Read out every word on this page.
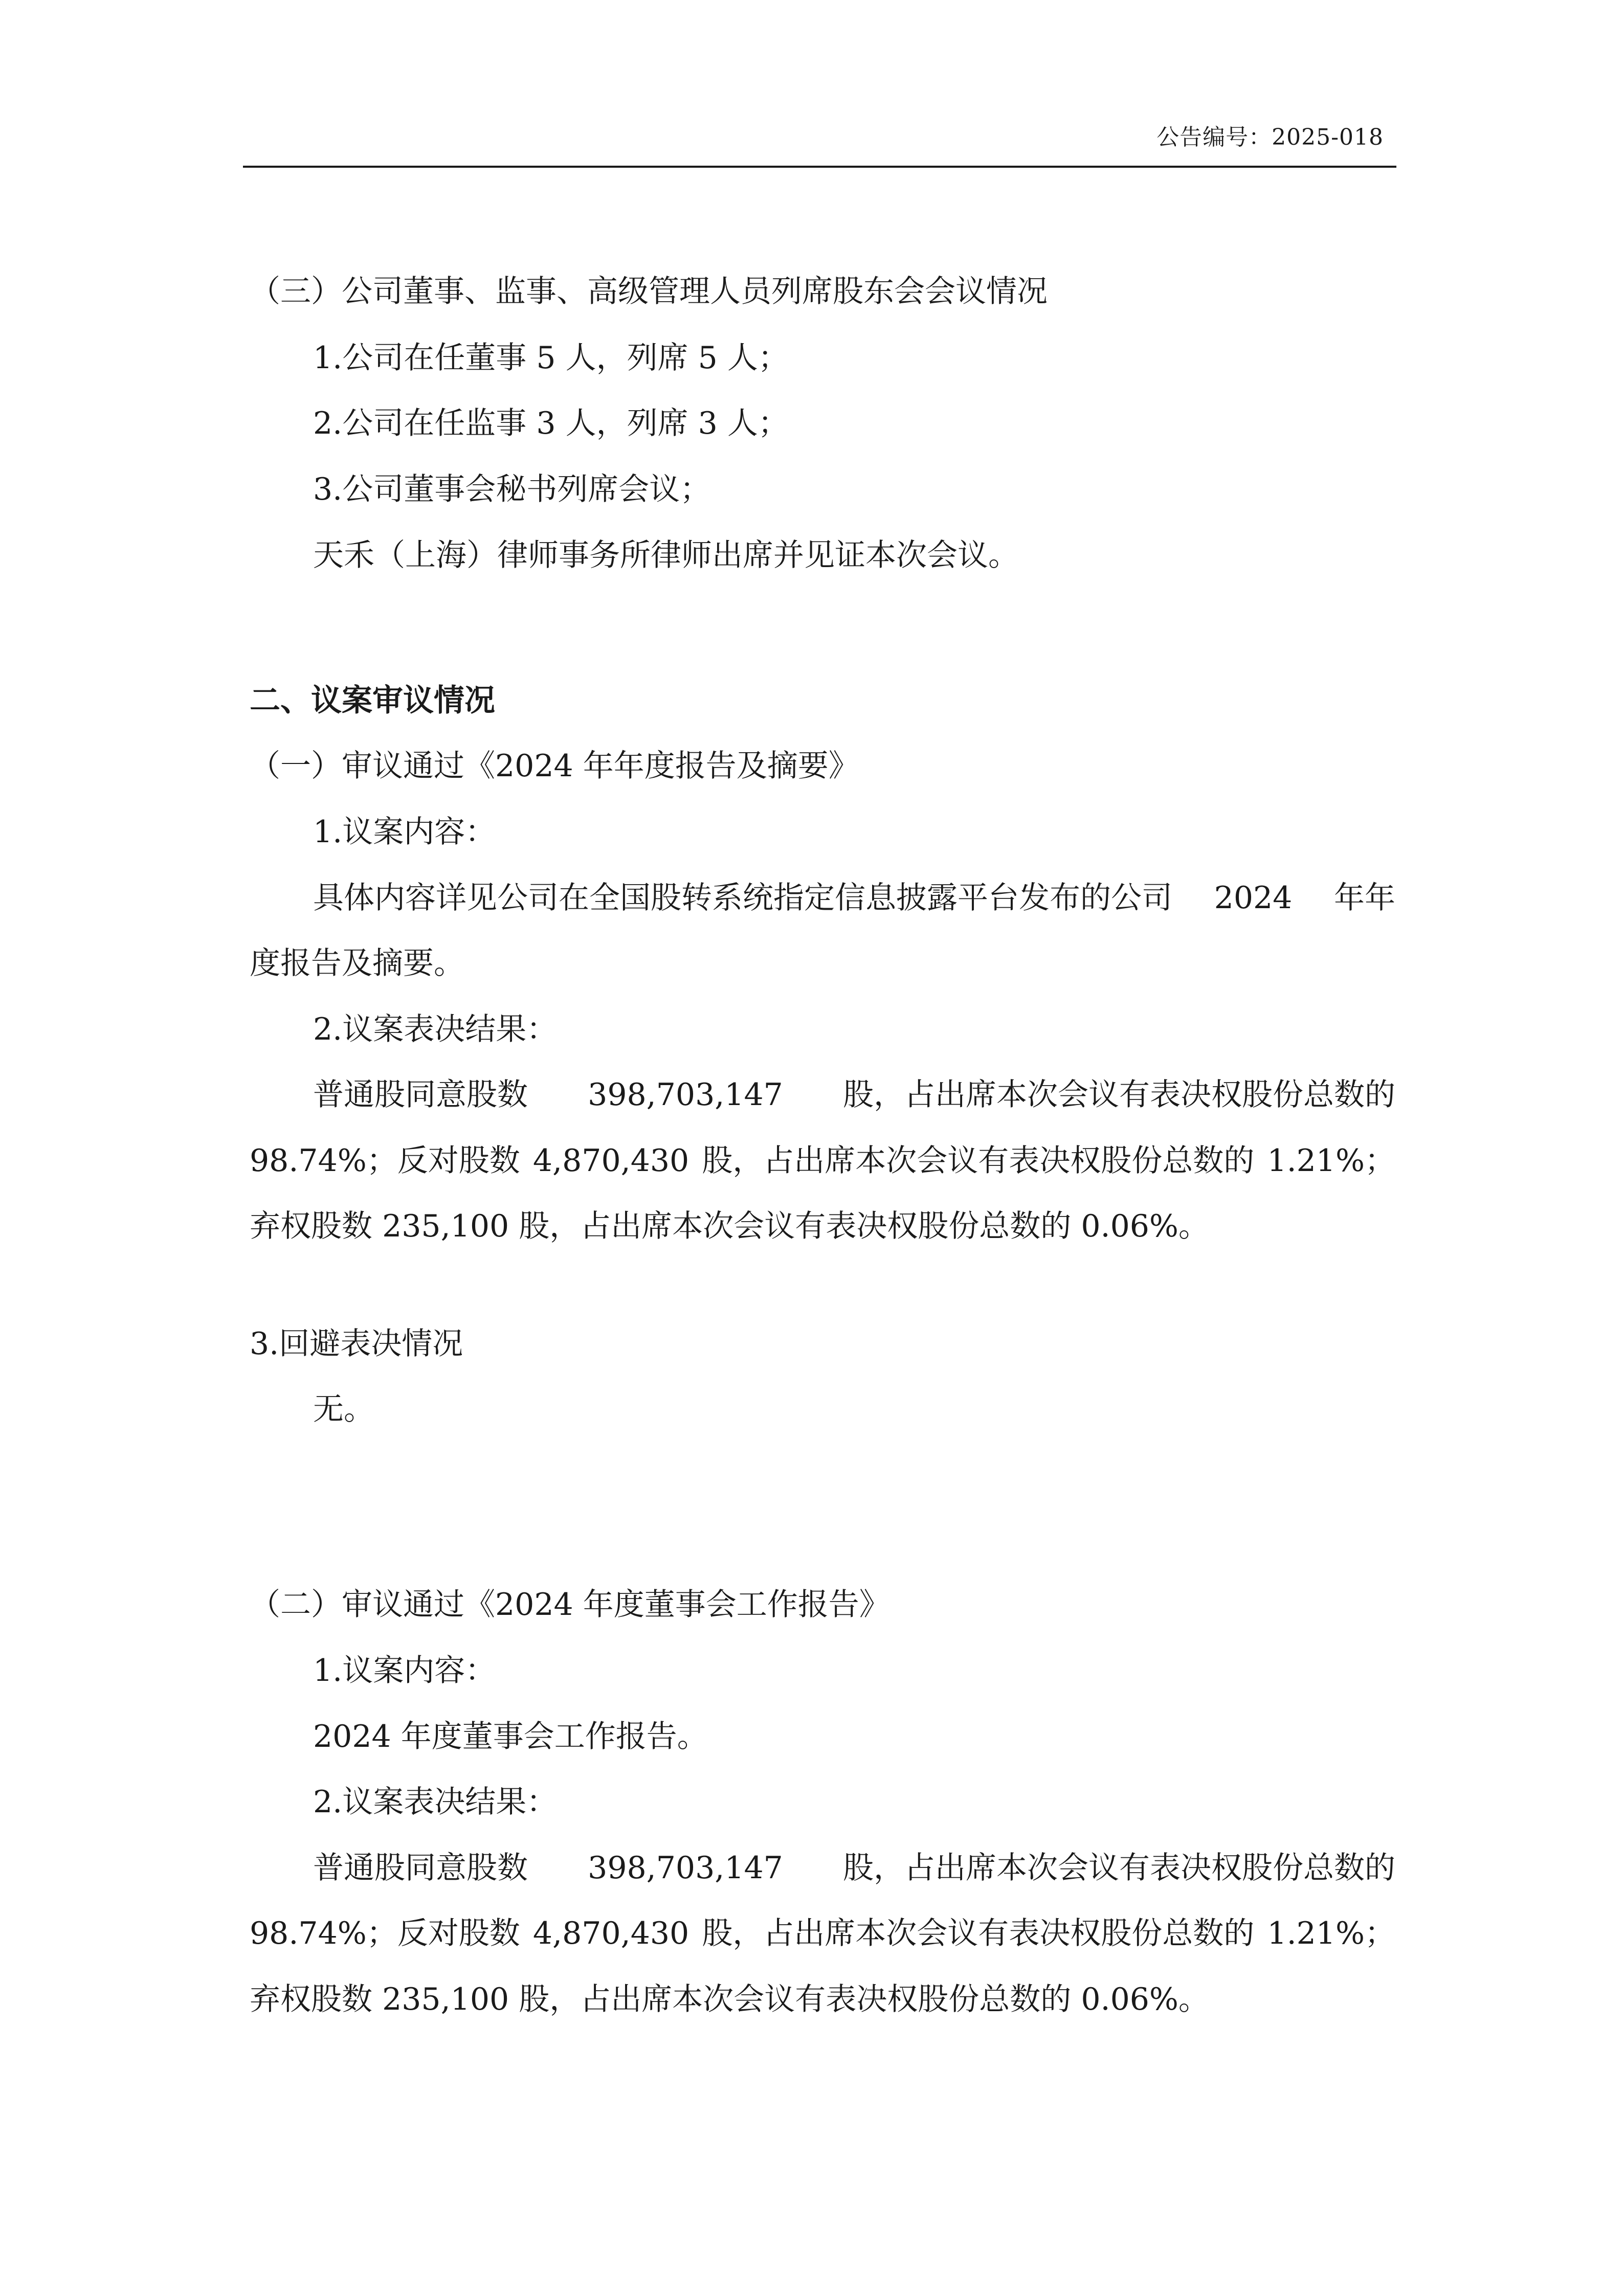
公告编号：2025-018
（三）公司董事、监事、高级管理人员列席股东会会议情况
1.公司在任董事 5 人，列席 5 人；
2.公司在任监事 3 人，列席 3 人；
3.公司董事会秘书列席会议；
天禾（上海）律师事务所律师出席并见证本次会议。
二、议案审议情况
（一）审议通过《2024 年年度报告及摘要》
1.议案内容：
具体内容详见公司在全国股转系统指定信息披露平台发布的公司 2024 年年
度报告及摘要。
2.议案表决结果：
普通股同意股数 398,703,147 股，占出席本次会议有表决权股份总数的
98.74%；反对股数 4,870,430 股，占出席本次会议有表决权股份总数的 1.21%；
弃权股数 235,100 股，占出席本次会议有表决权股份总数的 0.06%。
3.回避表决情况
无。
（二）审议通过《2024 年度董事会工作报告》
1.议案内容：
2024 年度董事会工作报告。
2.议案表决结果：
普通股同意股数 398,703,147 股，占出席本次会议有表决权股份总数的
98.74%；反对股数 4,870,430 股，占出席本次会议有表决权股份总数的 1.21%；
弃权股数 235,100 股，占出席本次会议有表决权股份总数的 0.06%。
